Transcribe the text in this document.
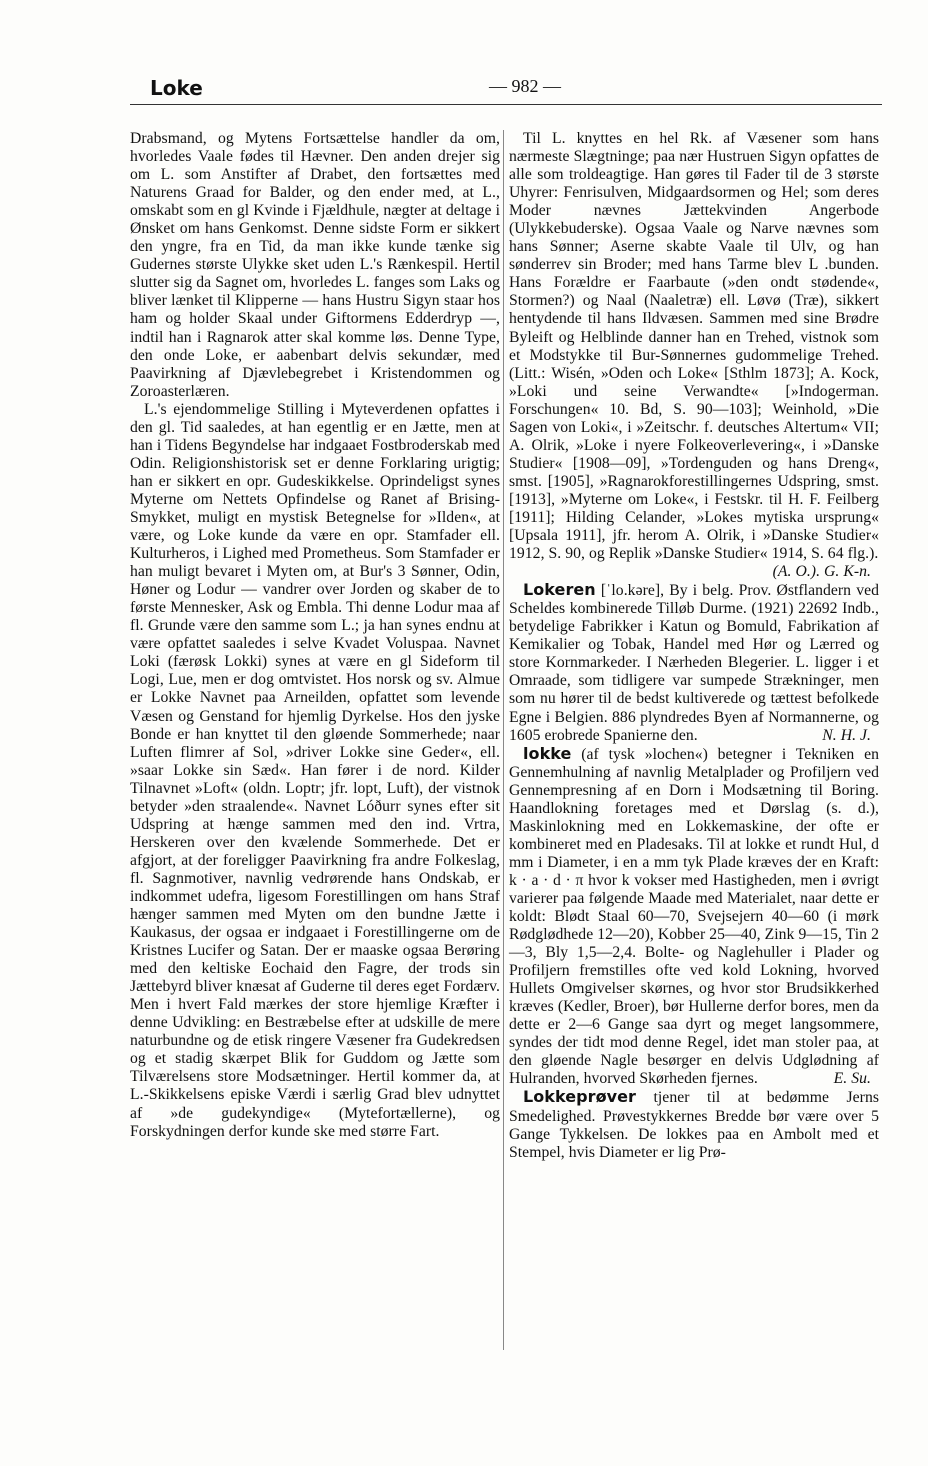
Loke	— 982 —

Drabsmand, og Mytens Fortsættelse handler da om, hvorledes Vaale fødes til Hævner. Den anden drejer sig om L. som Anstifter af Drabet, den fortsættes med Naturens Graad for Balder, og den ender med, at L., omskabt som en gl Kvinde i Fjældhule, nægter at deltage i Ønsket om hans Genkomst. Denne sidste Form er sikkert den yngre, fra en Tid, da man ikke kunde tænke sig Gudernes største Ulykke sket uden L.'s Rænkespil. Hertil slutter sig da Sagnet om, hvorledes L. fanges som Laks og bliver lænket til Klipperne — hans Hustru Sigyn staar hos ham og holder Skaal under Giftormens Edderdryp —, indtil han i Ragnarok atter skal komme løs. Denne Type, den onde Loke, er aabenbart delvis sekundær, med Paavirkning af Djævlebegrebet i Kristendommen og Zoroasterlæren.

L.'s ejendommelige Stilling i Myteverdenen opfattes i den gl. Tid saaledes, at han egentlig er en Jætte, men at han i Tidens Begyndelse har indgaaet Fostbroderskab med Odin. Religionshistorisk set er denne Forklaring urigtig; han er sikkert en opr. Gudeskikkelse. Oprindeligst synes Myterne om Nettets Opfindelse og Ranet af Brising-Smykket, muligt en mystisk Betegnelse for »Ilden«, at være, og Loke kunde da være en opr. Stamfader ell. Kulturheros, i Lighed med Prometheus. Som Stamfader er han muligt bevaret i Myten om, at Bur's 3 Sønner, Odin, Høner og Lodur — vandrer over Jorden og skaber de to første Mennesker, Ask og Embla. Thi denne Lodur maa af fl. Grunde være den samme som L.; ja han synes endnu at være opfattet saaledes i selve Kvadet Voluspaa. Navnet Loki (færøsk Lokki) synes at være en gl Sideform til Logi, Lue, men er dog omtvistet. Hos norsk og sv. Almue er Lokke Navnet paa Arneilden, opfattet som levende Væsen og Genstand for hjemlig Dyrkelse. Hos den jyske Bonde er han knyttet til den gløende Sommerhede; naar Luften flimrer af Sol, »driver Lokke sine Geder«, ell. »saar Lokke sin Sæd«. Han fører i de nord. Kilder Tilnavnet »Loft« (oldn. Loptr; jfr. lopt, Luft), der vistnok betyder »den straalende«. Navnet Lóðurr synes efter sit Udspring at hænge sammen med den ind. Vrtra, Herskeren over den kvælende Sommerhede. Det er afgjort, at der foreligger Paavirkning fra andre Folkeslag, fl. Sagnmotiver, navnlig vedrørende hans Ondskab, er indkommet udefra, ligesom Forestillingen om hans Straf hænger sammen med Myten om den bundne Jætte i Kaukasus, der ogsaa er indgaaet i Forestillingerne om de Kristnes Lucifer og Satan. Der er maaske ogsaa Berøring med den keltiske Eochaid den Fagre, der trods sin Jættebyrd bliver knæsat af Guderne til deres eget Fordærv. Men i hvert Fald mærkes der store hjemlige Kræfter i denne Udvikling: en Bestræbelse efter at udskille de mere naturbundne og de etisk ringere Væsener fra Gudekredsen og et stadig skærpet Blik for Guddom og Jætte som Tilværelsens store Modsætninger. Hertil kommer da, at L.-Skikkelsens episke Værdi i særlig Grad blev udnyttet af »de gudekyndige« (Mytefortællerne), og Forskydningen derfor kunde ske med større Fart.

Til L. knyttes en hel Rk. af Væsener som hans nærmeste Slægtninge; paa nær Hustruen Sigyn opfattes de alle som troldeagtige. Han gøres til Fader til de 3 største Uhyrer: Fenrisulven, Midgaardsormen og Hel; som deres Moder nævnes Jættekvinden Angerbode (Ulykkebuderske). Ogsaa Vaale og Narve nævnes som hans Sønner; Aserne skabte Vaale til Ulv, og han sønderrev sin Broder; med hans Tarme blev L .bunden. Hans Forældre er Faarbaute (»den ondt stødende«, Stormen?) og Naal (Naaletræ) ell. Løvø (Træ), sikkert hentydende til hans Ildvæsen. Sammen med sine Brødre Byleift og Helblinde danner han en Trehed, vistnok som et Modstykke til Bur-Sønnernes gudommelige Trehed. (Litt.: Wisén, »Oden och Loke« [Sthlm 1873]; A. Kock, »Loki und seine Verwandte« [»Indogerman. Forschungen« 10. Bd, S. 90—103]; Weinhold, »Die Sagen von Loki«, i »Zeitschr. f. deutsches Altertum« VII; A. Olrik, »Loke i nyere Folkeoverlevering«, i »Danske Studier« [1908—09], »Tordenguden og hans Dreng«, smst. [1905], »Ragnarokforestillingernes Udspring, smst. [1913], »Myterne om Loke«, i Festskr. til H. F. Feilberg [1911]; Hilding Celander, »Lokes mytiska ursprung« [Upsala 1911], jfr. herom A. Olrik, i »Danske Studier« 1912, S. 90, og Replik »Danske Studier« 1914, S. 64 flg.).

(A. O.). G. K-n.

Lokeren [ˈlo.kəre], By i belg. Prov. Østflandern ved Scheldes kombinerede Tilløb Durme. (1921) 22692 Indb., betydelige Fabrikker i Katun og Bomuld, Fabrikation af Kemikalier og Tobak, Handel med Hør og Lærred og store Kornmarkeder. I Nærheden Blegerier. L. ligger i et Omraade, som tidligere var sumpede Strækninger, men som nu hører til de bedst kultiverede og tættest befolkede Egne i Belgien. 886 plyndredes Byen af Normannerne, og 1605 erobrede Spanierne den.	N. H. J.

lokke (af tysk »lochen«) betegner i Tekniken en Gennemhulning af navnlig Metalplader og Profiljern ved Gennempresning af en Dorn i Modsætning til Boring. Haandlokning foretages med et Dørslag (s. d.), Maskinlokning med en Lokkemaskine, der ofte er kombineret med en Pladesaks. Til at lokke et rundt Hul, d mm i Diameter, i en a mm tyk Plade kræves der en Kraft: k · a · d · π hvor k vokser med Hastigheden, men i øvrigt varierer paa følgende Maade med Materialet, naar dette er koldt: Blødt Staal 60—70, Svejsejern 40—60 (i mørk Rødglødhede 12—20), Kobber 25—40, Zink 9—15, Tin 2—3, Bly 1,5—2,4. Bolte- og Naglehuller i Plader og Profiljern fremstilles ofte ved kold Lokning, hvorved Hullets Omgivelser skørnes, og hvor stor Brudsikkerhed kræves (Kedler, Broer), bør Hullerne derfor bores, men da dette er 2—6 Gange saa dyrt og meget langsommere, syndes der tidt mod denne Regel, idet man stoler paa, at den gløende Nagle besørger en delvis Udglødning af Hulranden, hvorved Skørheden fjernes.	E. Su.

Lokkeprøver tjener til at bedømme Jerns Smedelighed. Prøvestykkernes Bredde bør være over 5 Gange Tykkelsen. De lokkes paa en Ambolt med et Stempel, hvis Diameter er lig Prø-
